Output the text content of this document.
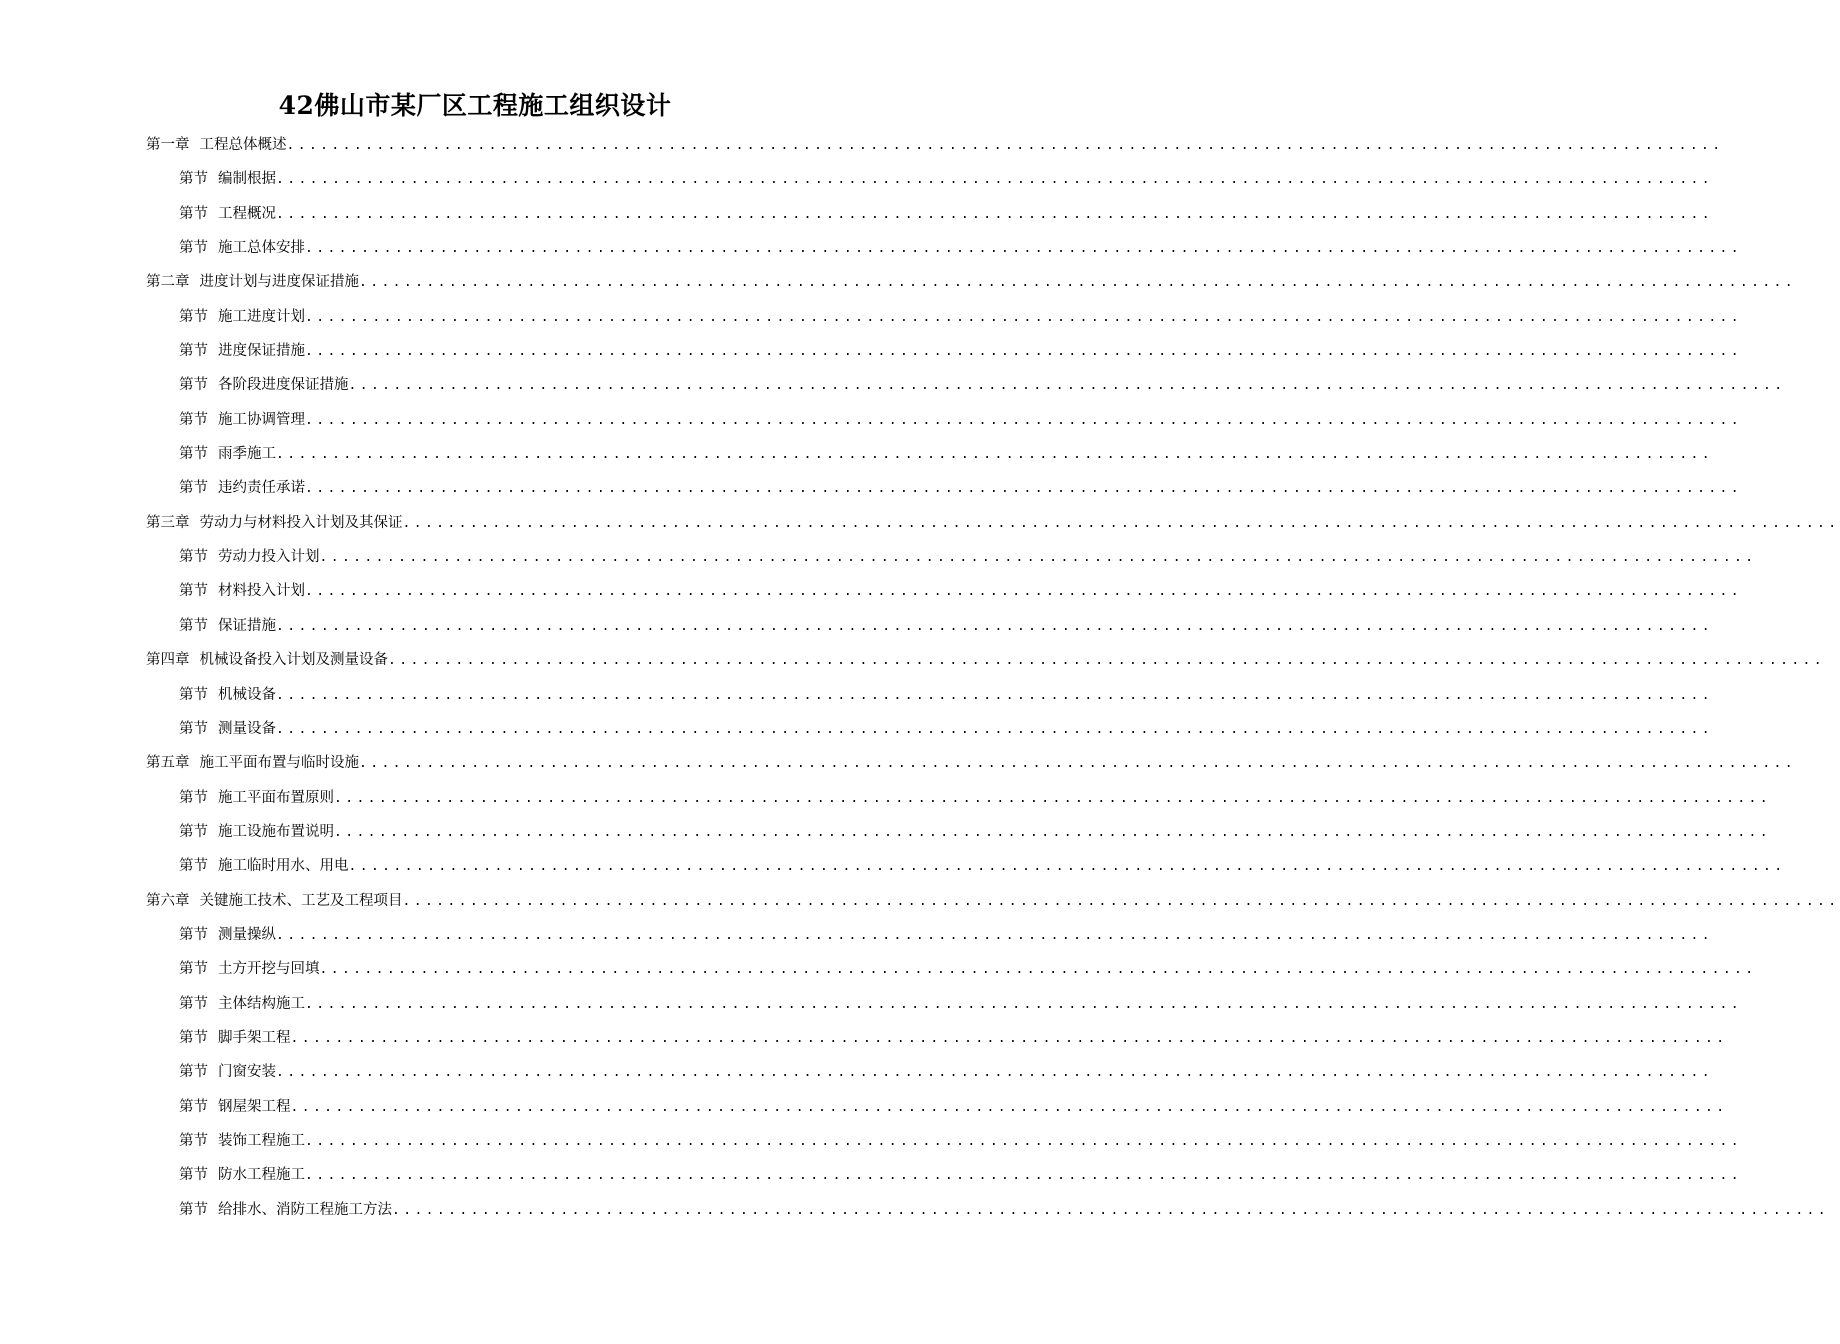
42佛山市某厂区工程施工组织设计
第一章 工程总体概述 ................................................................................................................................
第节 编制根据 ................................................................................................................................
第节 工程概况 ................................................................................................................................
第节 施工总体安排 ................................................................................................................................
第二章 进度计划与进度保证措施 ................................................................................................................................
第节 施工进度计划 ................................................................................................................................
第节 进度保证措施 ................................................................................................................................
第节 各阶段进度保证措施 ................................................................................................................................
第节 施工协调管理 ................................................................................................................................
第节 雨季施工 ................................................................................................................................
第节 违约责任承诺 ................................................................................................................................
第三章 劳动力与材料投入计划及其保证 ................................................................................................................................
第节 劳动力投入计划 ................................................................................................................................
第节 材料投入计划 ................................................................................................................................
第节 保证措施 ................................................................................................................................
第四章 机械设备投入计划及测量设备 ................................................................................................................................
第节 机械设备 ................................................................................................................................
第节 测量设备 ................................................................................................................................
第五章 施工平面布置与临时设施 ................................................................................................................................
第节 施工平面布置原则 ................................................................................................................................
第节 施工设施布置说明 ................................................................................................................................
第节 施工临时用水、用电 ................................................................................................................................
第六章 关键施工技术、工艺及工程项目 ................................................................................................................................
第节 测量操纵 ................................................................................................................................
第节 土方开挖与回填 ................................................................................................................................
第节 主体结构施工 ................................................................................................................................
第节 脚手架工程 ................................................................................................................................
第节 门窗安装 ................................................................................................................................
第节 钢屋架工程 ................................................................................................................................
第节 装饰工程施工 ................................................................................................................................
第节 防水工程施工 ................................................................................................................................
第节 给排水、消防工程施工方法 ................................................................................................................................
